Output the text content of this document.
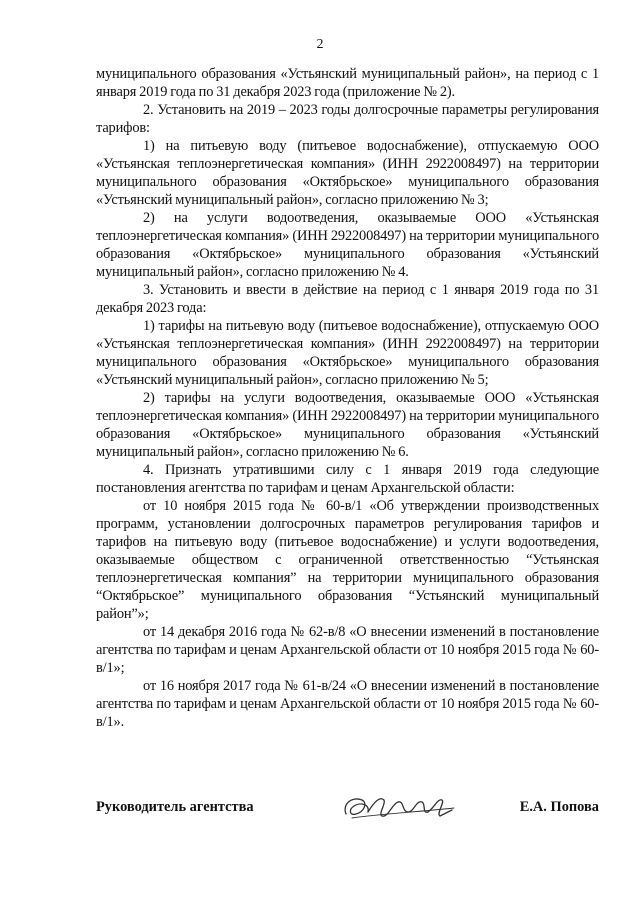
2

муниципального образования «Устьянский муниципальный район», на период с 1 января 2019 года по 31 декабря 2023 года (приложение № 2).

2. Установить на 2019 – 2023 годы долгосрочные параметры регулирования тарифов:

1) на питьевую воду (питьевое водоснабжение), отпускаемую ООО «Устьянская теплоэнергетическая компания» (ИНН 2922008497) на территории муниципального образования «Октябрьское» муниципального образования «Устьянский муниципальный район», согласно приложению № 3;

2) на услуги водоотведения, оказываемые ООО «Устьянская теплоэнергетическая компания» (ИНН 2922008497) на территории муниципального образования «Октябрьское» муниципального образования «Устьянский муниципальный район», согласно приложению № 4.

3. Установить и ввести в действие на период с 1 января 2019 года по 31 декабря 2023 года:

1) тарифы на питьевую воду (питьевое водоснабжение), отпускаемую ООО «Устьянская теплоэнергетическая компания» (ИНН 2922008497) на территории муниципального образования «Октябрьское» муниципального образования «Устьянский муниципальный район», согласно приложению № 5;

2) тарифы на услуги водоотведения, оказываемые ООО «Устьянская теплоэнергетическая компания» (ИНН 2922008497) на территории муниципального образования «Октябрьское» муниципального образования «Устьянский муниципальный район», согласно приложению № 6.

4. Признать утратившими силу с 1 января 2019 года следующие постановления агентства по тарифам и ценам Архангельской области:

от 10 ноября 2015 года № 60-в/1 «Об утверждении производственных программ, установлении долгосрочных параметров регулирования тарифов и тарифов на питьевую воду (питьевое водоснабжение) и услуги водоотведения, оказываемые обществом с ограниченной ответственностью “Устьянская теплоэнергетическая компания” на территории муниципального образования “Октябрьское” муниципального образования “Устьянский муниципальный район”»;

от 14 декабря 2016 года № 62-в/8 «О внесении изменений в постановление агентства по тарифам и ценам Архангельской области от 10 ноября 2015 года № 60-в/1»;

от 16 ноября 2017 года № 61-в/24 «О внесении изменений в постановление агентства по тарифам и ценам Архангельской области от 10 ноября 2015 года № 60-в/1».

Руководитель агентства	Е.А. Попова
